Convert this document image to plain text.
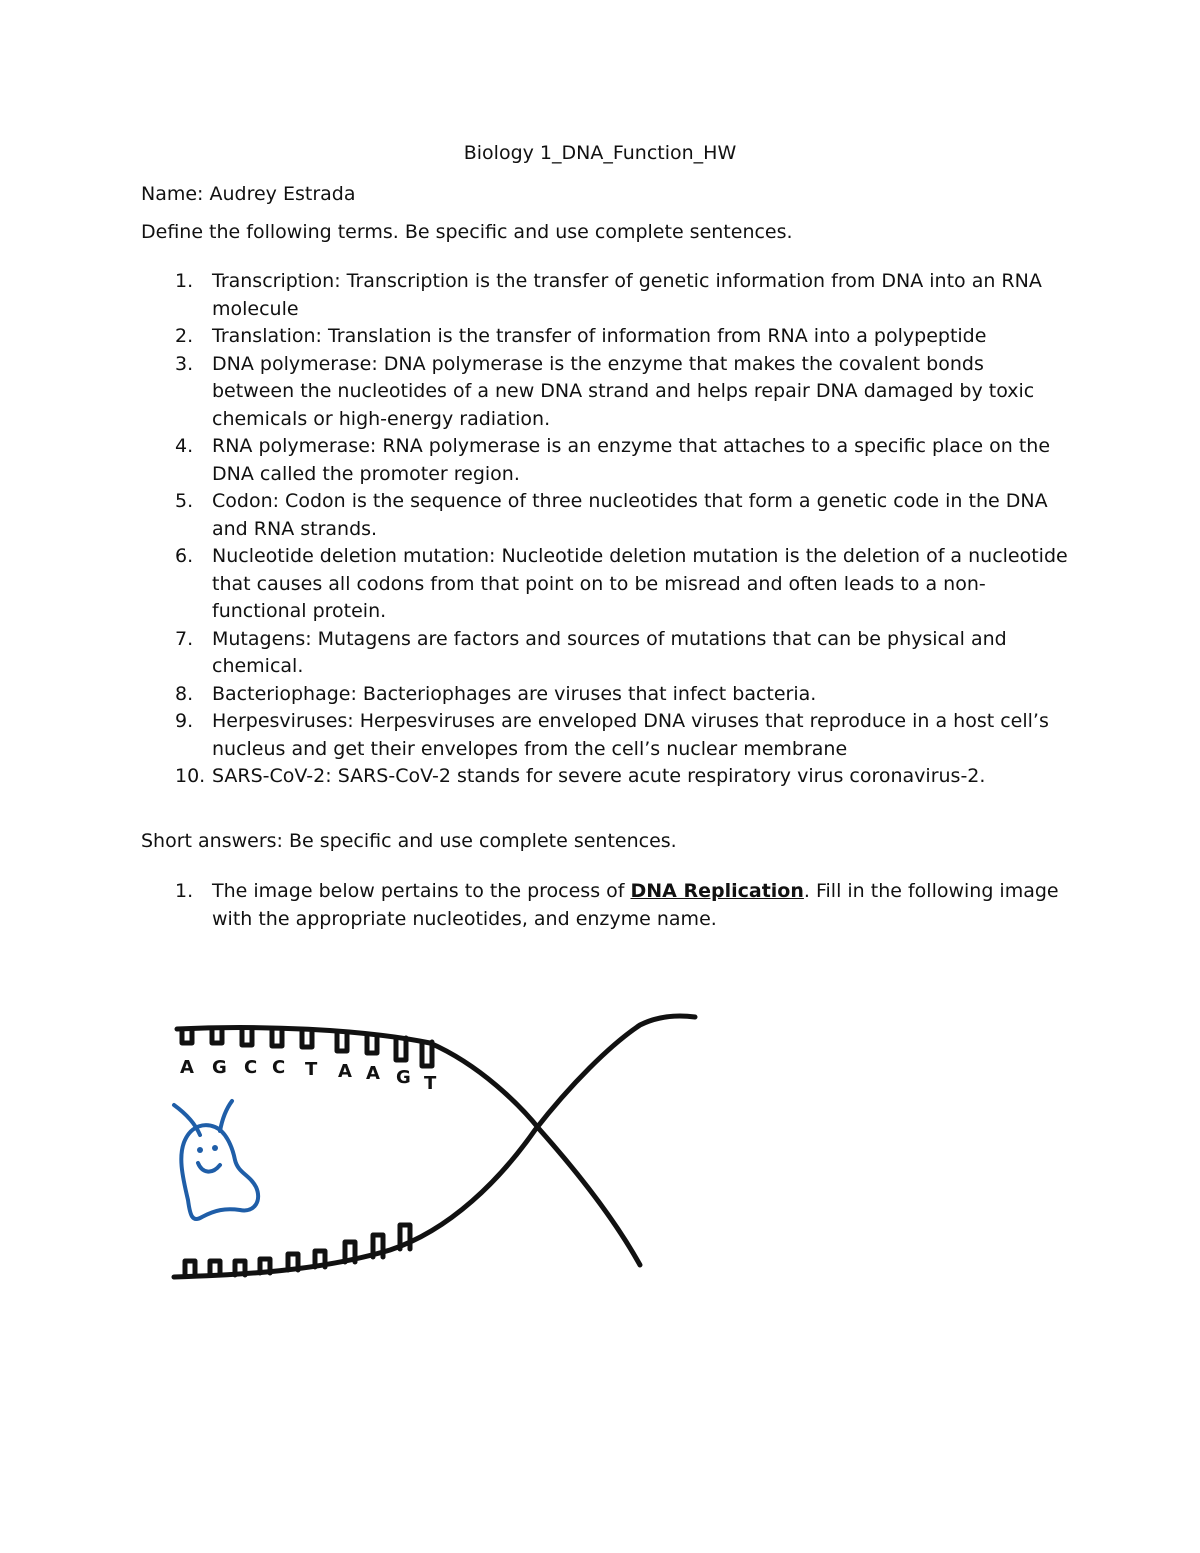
Biology 1_DNA_Function_HW
Name: Audrey Estrada
Define the following terms. Be specific and use complete sentences.
1. Transcription: Transcription is the transfer of genetic information from DNA into an RNA molecule
2. Translation: Translation is the transfer of information from RNA into a polypeptide
3. DNA polymerase: DNA polymerase is the enzyme that makes the covalent bonds between the nucleotides of a new DNA strand and helps repair DNA damaged by toxic chemicals or high-energy radiation.
4. RNA polymerase: RNA polymerase is an enzyme that attaches to a specific place on the DNA called the promoter region.
5. Codon: Codon is the sequence of three nucleotides that form a genetic code in the DNA and RNA strands.
6. Nucleotide deletion mutation: Nucleotide deletion mutation is the deletion of a nucleotide that causes all codons from that point on to be misread and often leads to a non-functional protein.
7. Mutagens: Mutagens are factors and sources of mutations that can be physical and chemical.
8. Bacteriophage: Bacteriophages are viruses that infect bacteria.
9. Herpesviruses: Herpesviruses are enveloped DNA viruses that reproduce in a host cell’s nucleus and get their envelopes from the cell’s nuclear membrane
10. SARS-CoV-2: SARS-CoV-2 stands for severe acute respiratory virus coronavirus-2.
Short answers: Be specific and use complete sentences.
1. The image below pertains to the process of DNA Replication. Fill in the following image with the appropriate nucleotides, and enzyme name.
A G C C T A A G T
